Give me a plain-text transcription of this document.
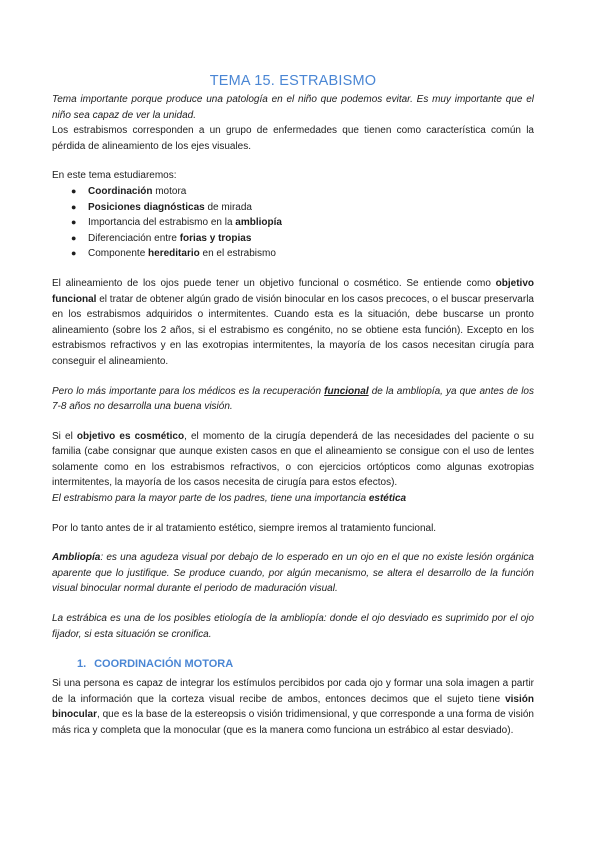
TEMA 15. ESTRABISMO

Tema importante porque produce una patología en el niño que podemos evitar. Es muy importante que el niño sea capaz de ver la unidad.

Los estrabismos corresponden a un grupo de enfermedades que tienen como característica común la pérdida de alineamiento de los ejes visuales.

En este tema estudiaremos:

● Coordinación motora
● Posiciones diagnósticas de mirada
● Importancia del estrabismo en la ambliopía
● Diferenciación entre forias y tropias
● Componente hereditario en el estrabismo

El alineamiento de los ojos puede tener un objetivo funcional o cosmético. Se entiende como objetivo funcional el tratar de obtener algún grado de visión binocular en los casos precoces, o el buscar preservarla en los estrabismos adquiridos o intermitentes. Cuando esta es la situación, debe buscarse un pronto alineamiento (sobre los 2 años, si el estrabismo es congénito, no se obtiene esta función). Excepto en los estrabismos refractivos y en las exotropias intermitentes, la mayoría de los casos necesitan cirugía para conseguir el alineamiento.

Pero lo más importante para los médicos es la recuperación funcional de la ambliopía, ya que antes de los 7-8 años no desarrolla una buena visión.

Si el objetivo es cosmético, el momento de la cirugía dependerá de las necesidades del paciente o su familia (cabe consignar que aunque existen casos en que el alineamiento se consigue con el uso de lentes solamente como en los estrabismos refractivos, o con ejercicios ortópticos como algunas exotropias intermitentes, la mayoría de los casos necesita de cirugía para estos efectos).

El estrabismo para la mayor parte de los padres, tiene una importancia estética

Por lo tanto antes de ir al tratamiento estético, siempre iremos al tratamiento funcional.

Ambliopía: es una agudeza visual por debajo de lo esperado en un ojo en el que no existe lesión orgánica aparente que lo justifique. Se produce cuando, por algún mecanismo, se altera el desarrollo de la función visual binocular normal durante el periodo de maduración visual.

La estrábica es una de los posibles etiología de la ambliopía: donde el ojo desviado es suprimido por el ojo fijador, si esta situación se cronifica.

1. COORDINACIÓN MOTORA

Si una persona es capaz de integrar los estímulos percibidos por cada ojo y formar una sola imagen a partir de la información que la corteza visual recibe de ambos, entonces decimos que el sujeto tiene visión binocular, que es la base de la estereopsis o visión tridimensional, y que corresponde a una forma de visión más rica y completa que la monocular (que es la manera como funciona un estrábico al estar desviado).
